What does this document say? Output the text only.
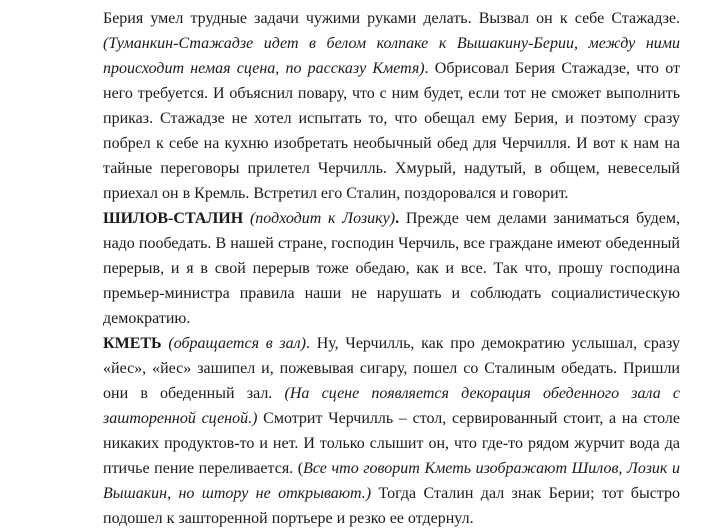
Берия умел трудные задачи чужими руками делать. Вызвал он к себе Стажадзе. (Туманкин-Стажадзе идет в белом колпаке к Вышакину-Берии, между ними происходит немая сцена, по рассказу Кметя). Обрисовал Берия Стажадзе, что от него требуется. И объяснил повару, что с ним будет, если тот не сможет выполнить приказ. Стажадзе не хотел испытать то, что обещал ему Берия, и поэтому сразу побрел к себе на кухню изобретать необычный обед для Черчилля. И вот к нам на тайные переговоры прилетел Черчилль. Хмурый, надутый, в общем, невеселый приехал он в Кремль. Встретил его Сталин, поздоровался и говорит.

ШИЛОВ-СТАЛИН (подходит к Лозику). Прежде чем делами заниматься будем, надо пообедать. В нашей стране, господин Черчиль, все граждане имеют обеденный перерыв, и я в свой перерыв тоже обедаю, как и все. Так что, прошу господина премьер-министра правила наши не нарушать и соблюдать социалистическую демократию.

КМЕТЬ (обращается в зал). Ну, Черчилль, как про демократию услышал, сразу «йес», «йес» зашипел и, пожевывая сигару, пошел со Сталиным обедать. Пришли они в обеденный зал. (На сцене появляется декорация обеденного зала с зашторенной сценой.) Смотрит Черчилль – стол, сервированный стоит, а на столе никаких продуктов-то и нет. И только слышит он, что где-то рядом журчит вода да птичье пение переливается. (Все что говорит Кметь изображают Шилов, Лозик и Вышакин, но штору не открывают.) Тогда Сталин дал знак Берии; тот быстро подошел к зашторенной портьере и резко ее отдернул.
